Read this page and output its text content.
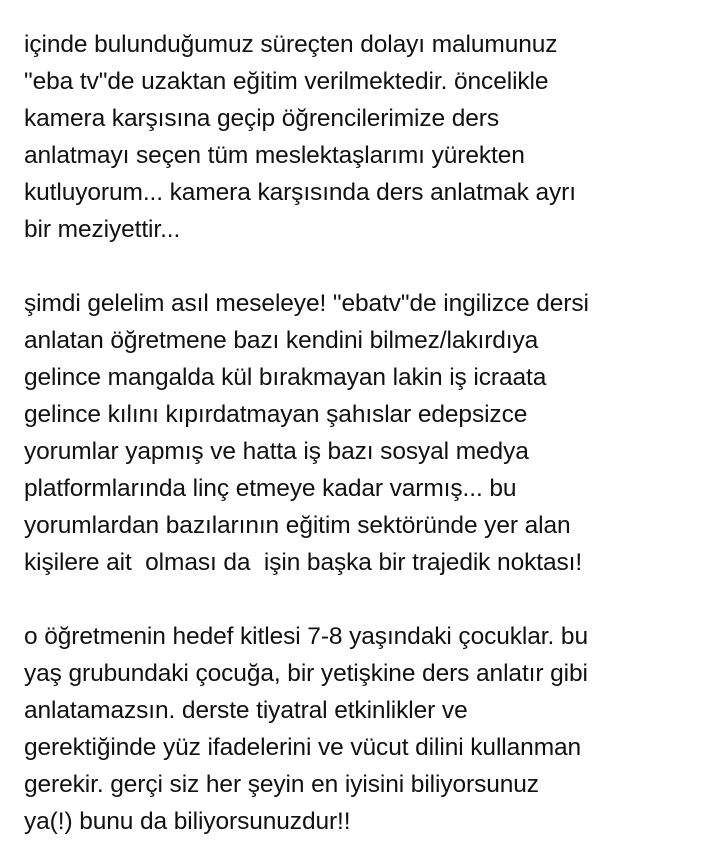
içinde bulunduğumuz süreçten dolayı malumunuz
"eba tv"de uzaktan eğitim verilmektedir. öncelikle
kamera karşısına geçip öğrencilerimize ders
anlatmayı seçen tüm meslektaşlarımı yürekten
kutluyorum... kamera karşısında ders anlatmak ayrı
bir meziyettir...

şimdi gelelim asıl meseleye! "ebatv"de ingilizce dersi
anlatan öğretmene bazı kendini bilmez/lakırdıya
gelince mangalda kül bırakmayan lakin iş icraata
gelince kılını kıpırdatmayan şahıslar edepsizce
yorumlar yapmış ve hatta iş bazı sosyal medya
platformlarında linç etmeye kadar varmış... bu
yorumlardan bazılarının eğitim sektöründe yer alan
kişilere ait  olması da  işin başka bir trajedik noktası!

o öğretmenin hedef kitlesi 7-8 yaşındaki çocuklar. bu
yaş grubundaki çocuğa, bir yetişkine ders anlatır gibi
anlatamazsın. derste tiyatral etkinlikler ve
gerektiğinde yüz ifadelerini ve vücut dilini kullanman
gerekir. gerçi siz her şeyin en iyisini biliyorsunuz
ya(!) bunu da biliyorsunuzdur!!
